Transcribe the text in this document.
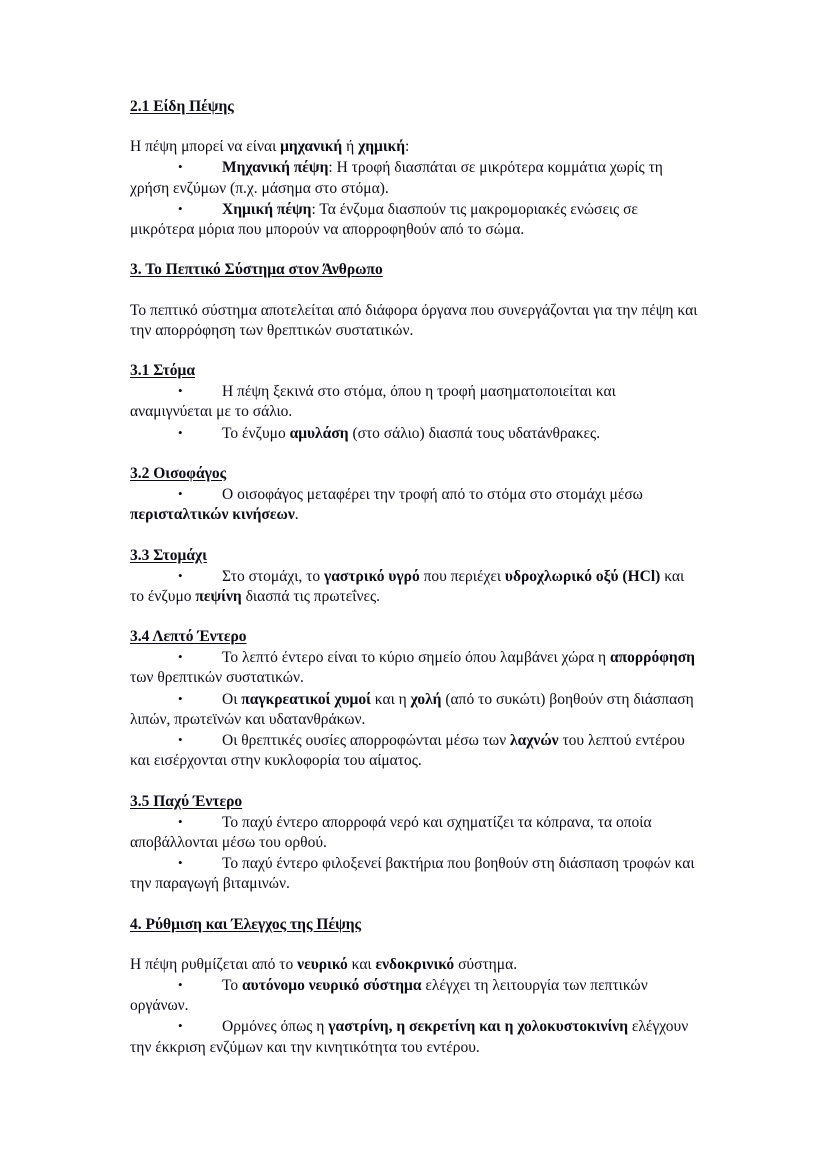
2.1 Είδη Πέψης
Η πέψη μπορεί να είναι μηχανική ή χημική:
•Μηχανική πέψη: Η τροφή διασπάται σε μικρότερα κομμάτια χωρίς τη χρήση ενζύμων (π.χ. μάσημα στο στόμα).
•Χημική πέψη: Τα ένζυμα διασπούν τις μακρομοριακές ενώσεις σε μικρότερα μόρια που μπορούν να απορροφηθούν από το σώμα.
3. Το Πεπτικό Σύστημα στον Άνθρωπο
Το πεπτικό σύστημα αποτελείται από διάφορα όργανα που συνεργάζονται για την πέψη και την απορρόφηση των θρεπτικών συστατικών.
3.1 Στόμα
•Η πέψη ξεκινά στο στόμα, όπου η τροφή μασηματοποιείται και αναμιγνύεται με το σάλιο.
•Το ένζυμο αμυλάση (στο σάλιο) διασπά τους υδατάνθρακες.
3.2 Οισοφάγος
•Ο οισοφάγος μεταφέρει την τροφή από το στόμα στο στομάχι μέσω περισταλτικών κινήσεων.
3.3 Στομάχι
•Στο στομάχι, το γαστρικό υγρό που περιέχει υδροχλωρικό οξύ (HCl) και το ένζυμο πεψίνη διασπά τις πρωτεΐνες.
3.4 Λεπτό Έντερο
•Το λεπτό έντερο είναι το κύριο σημείο όπου λαμβάνει χώρα η απορρόφηση των θρεπτικών συστατικών.
•Οι παγκρεατικοί χυμοί και η χολή (από το συκώτι) βοηθούν στη διάσπαση λιπών, πρωτεϊνών και υδατανθράκων.
•Οι θρεπτικές ουσίες απορροφώνται μέσω των λαχνών του λεπτού εντέρου και εισέρχονται στην κυκλοφορία του αίματος.
3.5 Παχύ Έντερο
•Το παχύ έντερο απορροφά νερό και σχηματίζει τα κόπρανα, τα οποία αποβάλλονται μέσω του ορθού.
•Το παχύ έντερο φιλοξενεί βακτήρια που βοηθούν στη διάσπαση τροφών και την παραγωγή βιταμινών.
4. Ρύθμιση και Έλεγχος της Πέψης
Η πέψη ρυθμίζεται από το νευρικό και ενδοκρινικό σύστημα.
•Το αυτόνομο νευρικό σύστημα ελέγχει τη λειτουργία των πεπτικών οργάνων.
•Ορμόνες όπως η γαστρίνη, η σεκρετίνη και η χολοκυστοκινίνη ελέγχουν την έκκριση ενζύμων και την κινητικότητα του εντέρου.
